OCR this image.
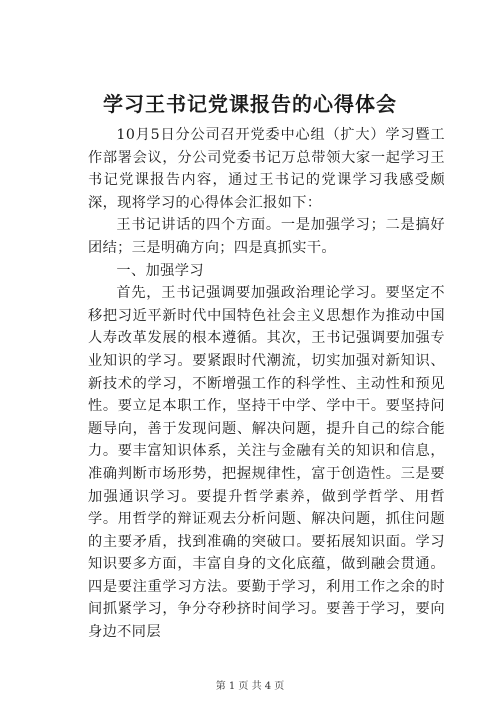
学习王书记党课报告的心得体会

10月5日分公司召开党委中心组（扩大）学习暨工作部署会议，分公司党委书记万总带领大家一起学习王书记党课报告内容，通过王书记的党课学习我感受颇深，现将学习的心得体会汇报如下：

王书记讲话的四个方面。一是加强学习；二是搞好团结；三是明确方向；四是真抓实干。

一、加强学习

首先，王书记强调要加强政治理论学习。要坚定不移把习近平新时代中国特色社会主义思想作为推动中国人寿改革发展的根本遵循。其次，王书记强调要加强专业知识的学习。要紧跟时代潮流，切实加强对新知识、新技术的学习，不断增强工作的科学性、主动性和预见性。要立足本职工作，坚持干中学、学中干。要坚持问题导向，善于发现问题、解决问题，提升自己的综合能力。要丰富知识体系，关注与金融有关的知识和信息，准确判断市场形势，把握规律性，富于创造性。三是要加强通识学习。要提升哲学素养，做到学哲学、用哲学。用哲学的辩证观去分析问题、解决问题，抓住问题的主要矛盾，找到准确的突破口。要拓展知识面。学习知识要多方面，丰富自身的文化底蕴，做到融会贯通。四是要注重学习方法。要勤于学习，利用工作之余的时间抓紧学习，争分夺秒挤时间学习。要善于学习，要向身边不同层

第 1 页 共 4 页
